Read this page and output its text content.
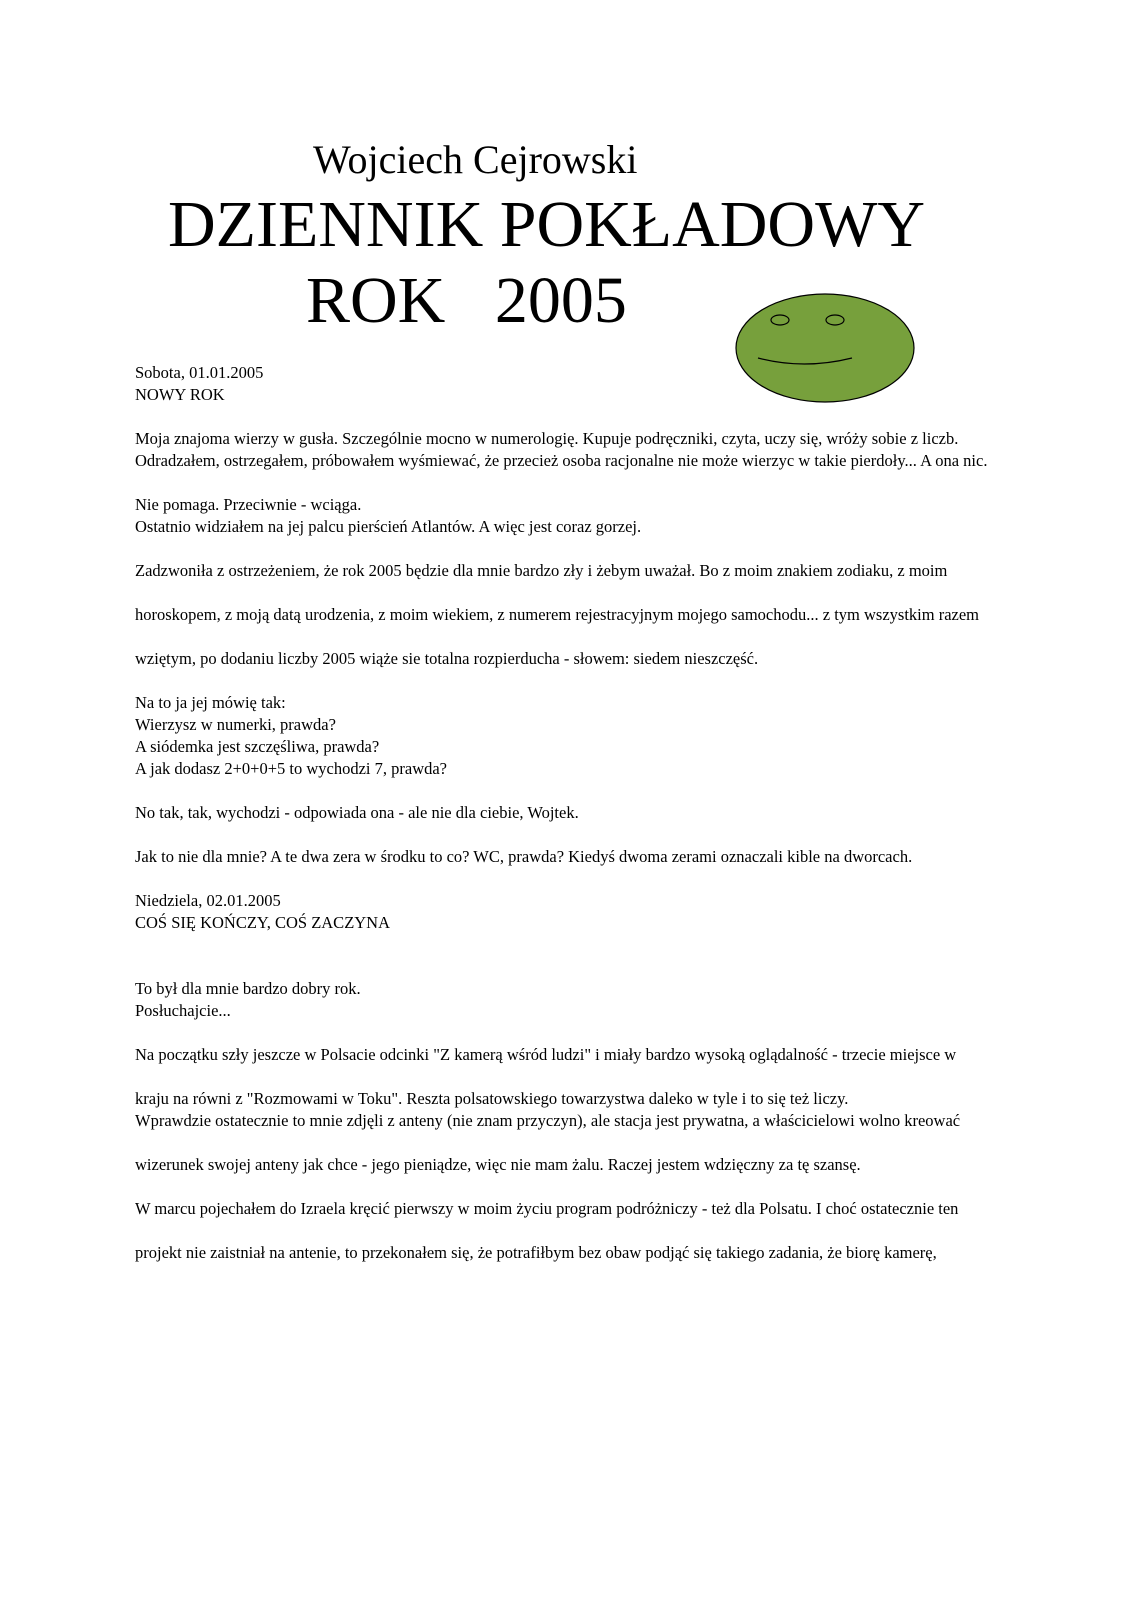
Wojciech Cejrowski
DZIENNIK POKŁADOWY
ROK   2005

Sobota, 01.01.2005

NOWY ROK

Moja znajoma wierzy w gusła. Szczególnie mocno w numerologię. Kupuje podręczniki, czyta, uczy się, wróży sobie z liczb.

Odradzałem, ostrzegałem, próbowałem wyśmiewać, że przecież osoba racjonalne nie może wierzyc w takie pierdoły... A ona nic.

Nie pomaga. Przeciwnie - wciąga.

Ostatnio widziałem na jej palcu pierścień Atlantów. A więc jest coraz gorzej.

Zadzwoniła z ostrzeżeniem, że rok 2005 będzie dla mnie bardzo zły i żebym uważał. Bo z moim znakiem zodiaku, z moim

horoskopem, z moją datą urodzenia, z moim wiekiem, z numerem rejestracyjnym mojego samochodu... z tym wszystkim razem

wziętym, po dodaniu liczby 2005 wiąże sie totalna rozpierducha - słowem: siedem nieszczęść.

Na to ja jej mówię tak:

Wierzysz w numerki, prawda?

A siódemka jest szczęśliwa, prawda?

A jak dodasz 2+0+0+5 to wychodzi 7, prawda?

No tak, tak, wychodzi - odpowiada ona - ale nie dla ciebie, Wojtek.

Jak to nie dla mnie? A te dwa zera w środku to co? WC, prawda? Kiedyś dwoma zerami oznaczali kible na dworcach.

Niedziela, 02.01.2005

COŚ SIĘ KOŃCZY, COŚ ZACZYNA

To był dla mnie bardzo dobry rok.

Posłuchajcie...

Na początku szły jeszcze w Polsacie odcinki "Z kamerą wśród ludzi" i miały bardzo wysoką oglądalność - trzecie miejsce w

kraju na równi z "Rozmowami w Toku". Reszta polsatowskiego towarzystwa daleko w tyle i to się też liczy.

Wprawdzie ostatecznie to mnie zdjęli z anteny (nie znam przyczyn), ale stacja jest prywatna, a właścicielowi wolno kreować

wizerunek swojej anteny jak chce - jego pieniądze, więc nie mam żalu. Raczej jestem wdzięczny za tę szansę.

W marcu pojechałem do Izraela kręcić pierwszy w moim życiu program podróżniczy - też dla Polsatu. I choć ostatecznie ten

projekt nie zaistniał na antenie, to przekonałem się, że potrafiłbym bez obaw podjąć się takiego zadania, że biorę kamerę,
